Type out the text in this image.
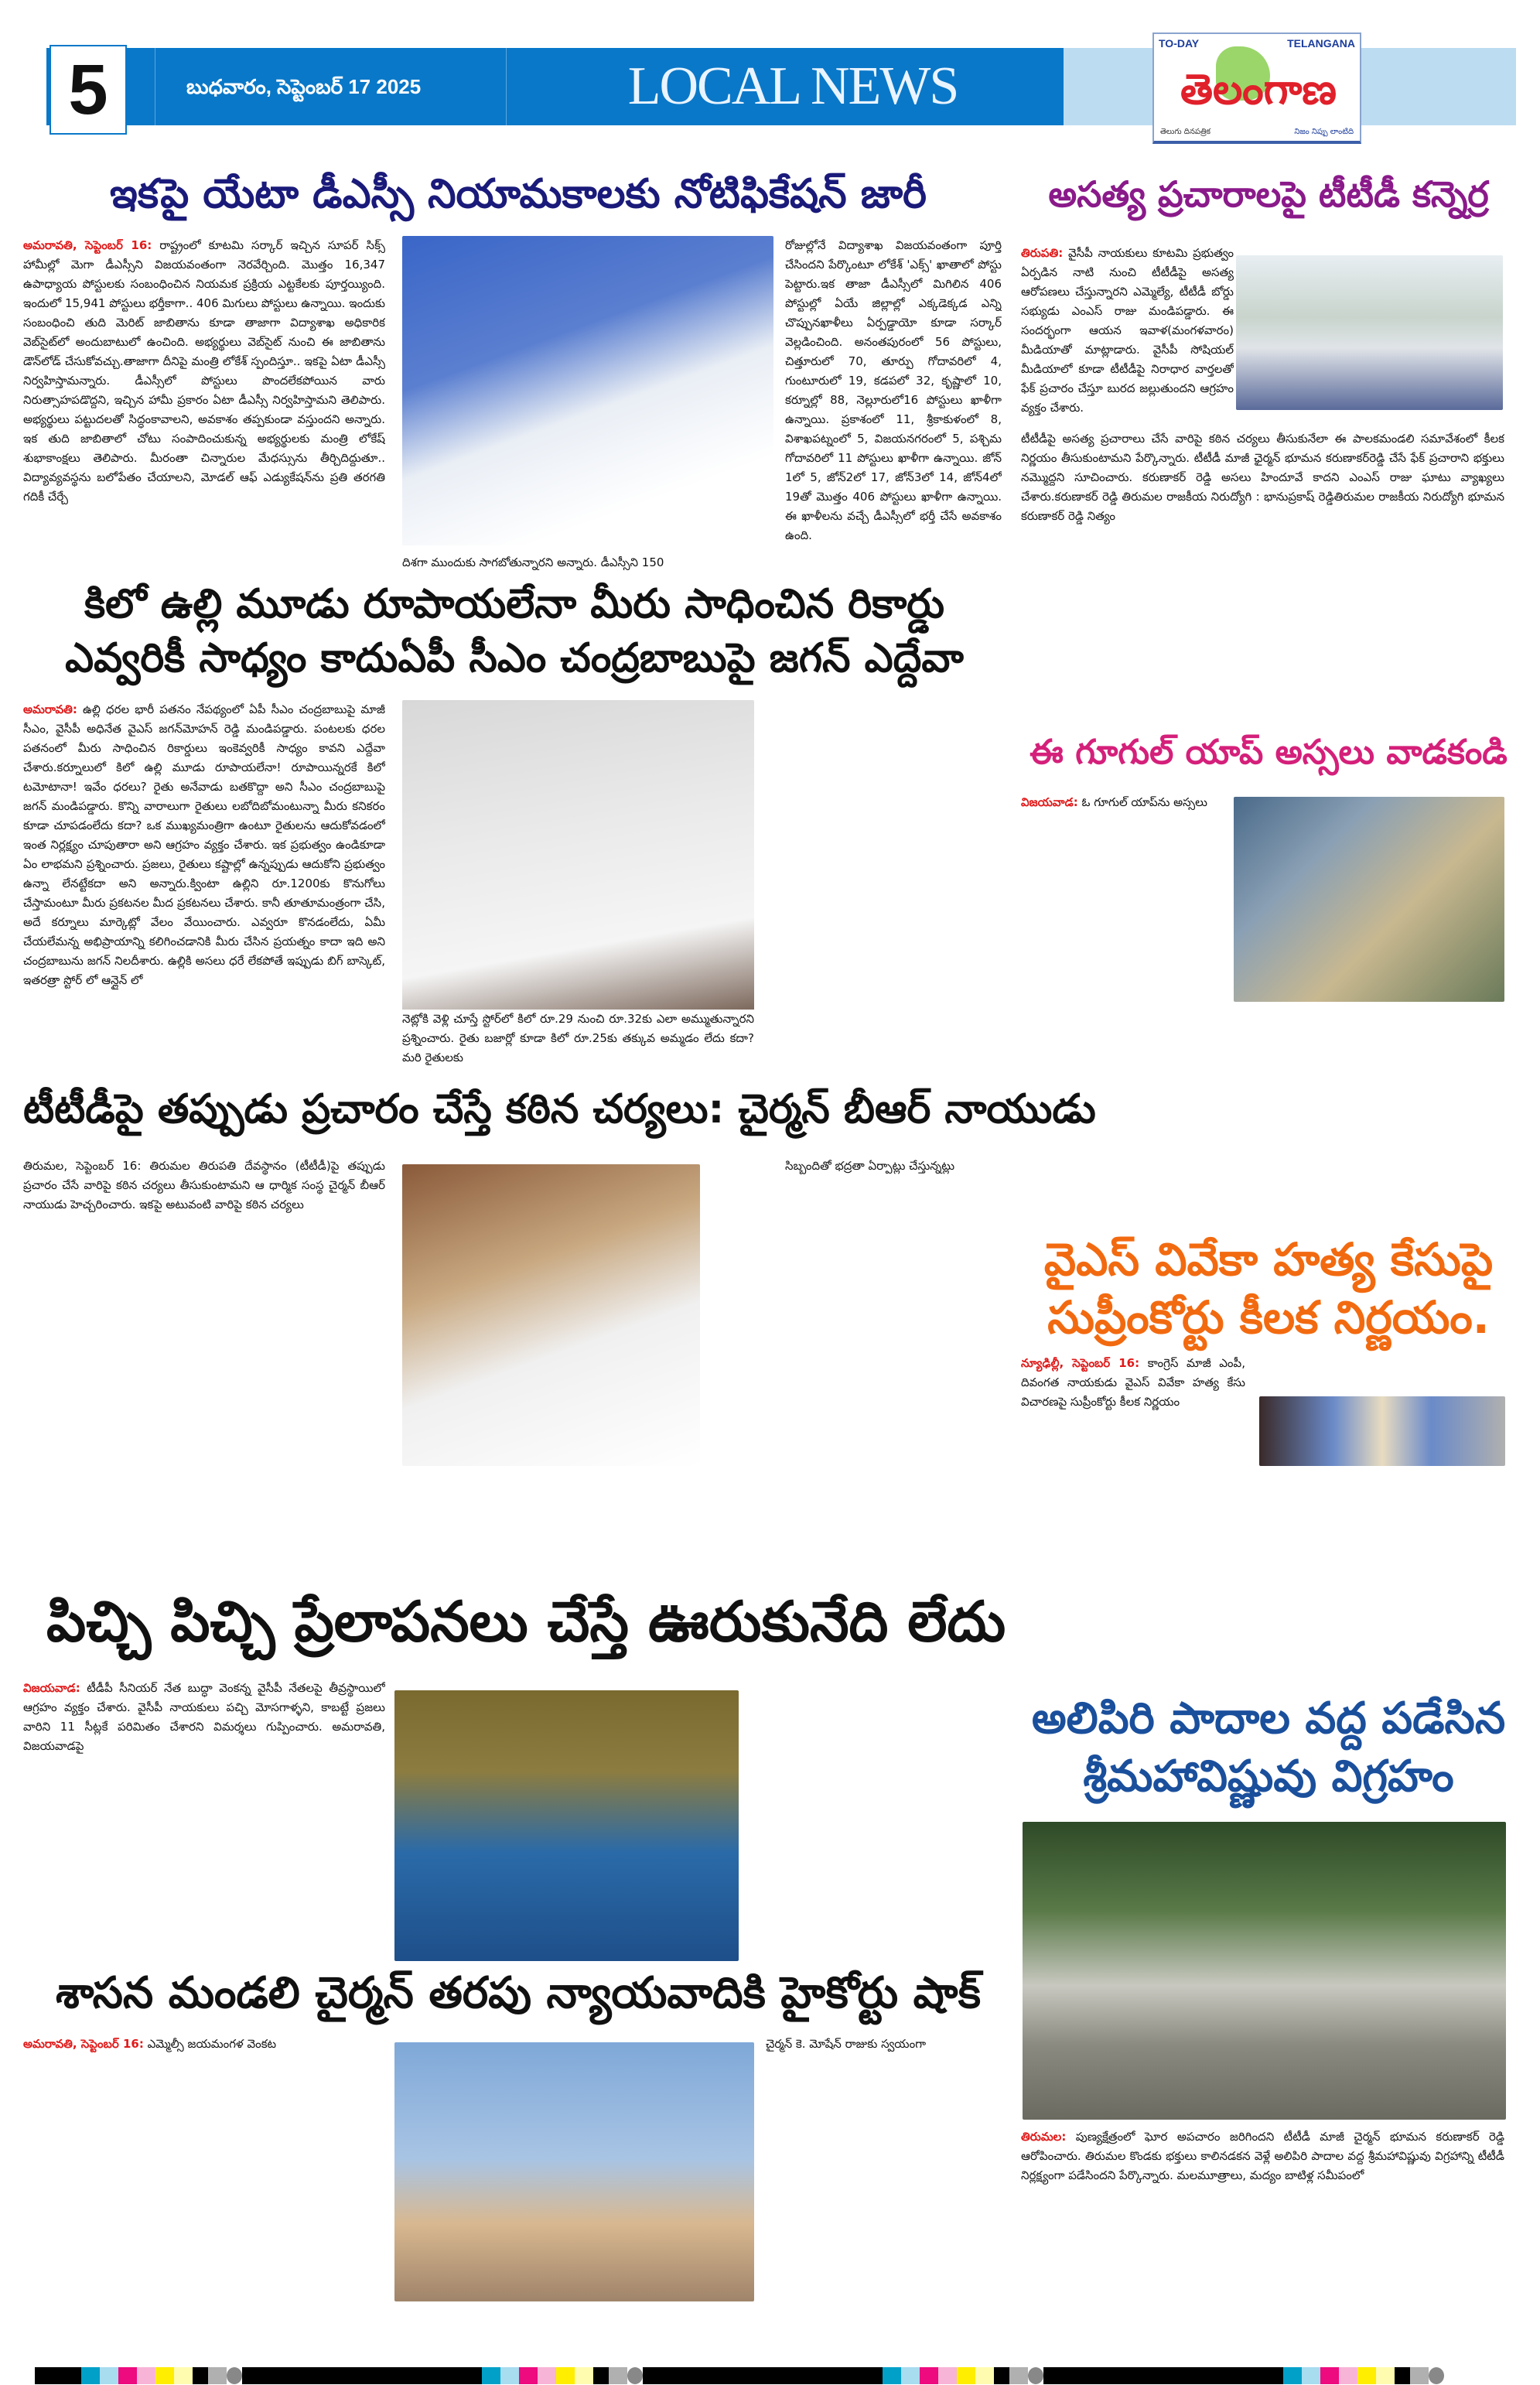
5	బుధవారం, సెప్టెంబర్ 17 2025	LOCAL NEWS
TO-DAY	TELANGANA
తెలంగాణ
తెలుగు దినపత్రిక	నిజం నిప్పు లాంటిది
ఇకపై యేటా డీఎస్సీ నియామకాలకు నోటిఫికేషన్ జారీ
అమరావతి, సెప్టెంబర్ 16: రాష్ట్రంలో కూటమి సర్కార్ ఇచ్చిన సూపర్ సిక్స్ హామీల్లో మెగా డీఎస్సీని విజయవంతంగా నెరవేర్చింది. మొత్తం 16,347 ఉపాధ్యాయ పోస్టులకు సంబంధించిన నియమక ప్రక్రియ ఎట్టకేలకు పూర్తయ్యింది. ఇందులో 15,941 పోస్టులు భర్తీకాగా.. 406 మిగులు పోస్టులు ఉన్నాయి. ఇందుకు సంబంధించి తుది మెరిట్ జాబితాను కూడా తాజాగా విద్యాశాఖ అధికారిక వెబ్‌సైట్‌లో అందుబాటులో ఉంచింది. అభ్యర్థులు వెబ్‌సైట్ నుంచి ఈ జాబితాను డౌన్‌లోడ్ చేసుకోవచ్చు.తాజాగా దీనిపై మంత్రి లోకేశ్ స్పందిస్తూ.. ఇకపై ఏటా డీఎస్సీ నిర్వహిస్తామన్నారు. డీఎస్సీలో పోస్టులు పొందలేకపోయిన వారు నిరుత్సాహపడొద్దని, ఇచ్చిన హామీ ప్రకారం ఏటా డీఎస్సీ నిర్వహిస్తామని తెలిపారు. అభ్యర్థులు పట్టుదలతో సిద్ధంకావాలని, అవకాశం తప్పకుండా వస్తుందని అన్నారు. ఇక తుది జాబితాలో చోటు సంపాదించుకున్న అభ్యర్థులకు మంత్రి లోకేష్ శుభాకాంక్షలు తెలిపారు. మీరంతా చిన్నారుల మేధస్సును తీర్చిదిద్దుతూ.. విద్యావ్యవస్థను బలోపేతం చేయాలని, మోడల్ ఆఫ్ ఎడ్యుకేషన్‌ను ప్రతి తరగతి గదికీ చేర్చే
దిశగా ముందుకు సాగబోతున్నారని అన్నారు. డీఎస్సీని 150
రోజుల్లోనే విద్యాశాఖ విజయవంతంగా పూర్తి చేసిందని పేర్కొంటూ లోకేశ్ 'ఎక్స్' ఖాతాలో పోస్టు పెట్టారు.ఇక తాజా డీఎస్సీలో మిగిలిన 406 పోస్టుల్లో ఏయే జిల్లాల్లో ఎక్కడెక్కడ ఎన్ని చొప్పునఖాళీలు ఏర్పడ్డాయో కూడా సర్కార్ వెల్లడించింది. అనంతపురంలో 56 పోస్టులు, చిత్తూరులో 70, తూర్పు గోదావరిలో 4, గుంటూరులో 19, కడపలో 32, కృష్ణాలో 10, కర్నూల్లో 88, నెల్లూరులో16 పోస్టులు ఖాళీగా ఉన్నాయి. ప్రకాశంలో 11, శ్రీకాకుళంలో 8, విశాఖపట్నంలో 5, విజయనగరంలో 5, పశ్చిమ గోదావరిలో 11 పోస్టులు ఖాళీగా ఉన్నాయి. జోన్ 1లో 5, జోన్2లో 17, జోన్3లో 14, జోన్4లో 19తో మొత్తం 406 పోస్టులు ఖాళీగా ఉన్నాయి. ఈ ఖాళీలను వచ్చే డీఎస్సీలో భర్తీ చేసే అవకాశం ఉంది.
కిలో ఉల్లి మూడు రూపాయలేనా మీరు సాధించిన రికార్డు
ఎవ్వరికీ సాధ్యం కాదుఏపీ సీఎం చంద్రబాబుపై జగన్ ఎద్దేవా
అమరావతి: ఉల్లి ధరల భారీ పతనం నేపథ్యంలో ఏపీ సీఎం చంద్రబాబుపై మాజీ సీఎం, వైసీపీ అధినేత వైఎస్ జగన్‌మోహన్ రెడ్డి మండిపడ్డారు. పంటలకు ధరల పతనంలో మీరు సాధించిన రికార్డులు ఇంకెవ్వరికీ సాధ్యం కావని ఎద్దేవా చేశారు.కర్నూలులో కిలో ఉల్లి మూడు రూపాయలేనా! రూపాయిన్నరకే కిలో టమోటానా! ఇవేం ధరలు? రైతు అనేవాడు బతకొద్దా అని సీఎం చంద్రబాబుపై జగన్ మండిపడ్డారు. కొన్ని వారాలుగా రైతులు లబోదిబోమంటున్నా మీరు కనికరం కూడా చూపడంలేదు కదా? ఒక ముఖ్యమంత్రిగా ఉంటూ రైతులను ఆదుకోవడంలో ఇంత నిర్లక్ష్యం చూపుతారా అని ఆగ్రహం వ్యక్తం చేశారు. ఇక ప్రభుత్వం ఉండికూడా ఏం లాభమని ప్రశ్నించారు. ప్రజలు, రైతులు కష్టాల్లో ఉన్నప్పుడు ఆదుకోని ప్రభుత్వం ఉన్నా లేనట్టేకదా అని అన్నారు.క్వింటా ఉల్లిని రూ.1200కు కొనుగోలు చేస్తామంటూ మీరు ప్రకటనల మీద ప్రకటనలు చేశారు. కానీ తూతూమంత్రంగా చేసి, అదే కర్నూలు మార్కెట్లో వేలం వేయించారు. ఎవ్వరూ కొనడంలేదు, ఏమీ చేయలేమన్న అభిప్రాయాన్ని కలిగించడానికి మీరు చేసిన ప్రయత్నం కాదా ఇది అని చంద్రబాబును జగన్ నిలదీశారు. ఉల్లికి అసలు ధరే లేకపోతే ఇప్పుడు బిగ్ బాస్కెట్, ఇతరత్రా స్టోర్ లో ఆన్లైన్ లో
నెట్లోకి వెళ్లి చూస్తే స్టోర్‌లో కిలో రూ.29 నుంచి రూ.32కు ఎలా అమ్ముతున్నారని ప్రశ్నించారు. రైతు బజార్లో కూడా కిలో రూ.25కు తక్కువ అమ్మడం లేదు కదా? మరి రైతులకు
టీటీడీపై తప్పుడు ప్రచారం చేస్తే కఠిన చర్యలు: చైర్మన్ బీఆర్ నాయుడు
తిరుమల, సెప్టెంబర్ 16: తిరుమల తిరుపతి దేవస్థానం (టీటీడీ)పై తప్పుడు ప్రచారం చేసే వారిపై కఠిన చర్యలు తీసుకుంటామని ఆ ధార్మిక సంస్థ చైర్మన్ బీఆర్ నాయుడు హెచ్చరించారు. ఇకపై అటువంటి వారిపై కఠిన చర్యలు
సిబ్బందితో భద్రతా ఏర్పాట్లు చేస్తున్నట్లు
పిచ్చి పిచ్చి ప్రేలాపనలు చేస్తే ఊరుకునేది లేదు
విజయవాడ: టీడీపీ సీనియర్ నేత బుద్ధా వెంకన్న వైసీపీ నేతలపై తీవ్రస్థాయిలో ఆగ్రహం వ్యక్తం చేశారు. వైసీపీ నాయకులు పచ్చి మోసగాళ్ళని, కాబట్టే ప్రజలు వారిని 11 సీట్లకే పరిమితం చేశారని విమర్శలు గుప్పించారు. అమరావతి, విజయవాడపై
శాసన మండలి చైర్మన్ తరపు న్యాయవాదికి హైకోర్టు షాక్
అమరావతి, సెప్టెంబర్ 16: ఎమ్మెల్సీ జయమంగళ వెంకట	చైర్మన్ కె. మోషేన్ రాజుకు స్వయంగా
అసత్య ప్రచారాలపై టీటీడీ కన్నెర్ర
తిరుపతి: వైసీపీ నాయకులు కూటమి ప్రభుత్వం ఏర్పడిన నాటి నుంచి టీటీడీపై అసత్య ఆరోపణలు చేస్తున్నారని ఎమ్మెల్యే, టీటీడీ బోర్డు సభ్యుడు ఎంఎస్ రాజు మండిపడ్డారు. ఈ సందర్భంగా ఆయన ఇవాళ(మంగళవారం) మీడియాతో మాట్లాడారు. వైసీపీ సోషియల్ మీడియాలో కూడా టీటీడీపై నిరాధార వార్తలతో ఫేక్ ప్రచారం చేస్తూ బురద జల్లుతుందని ఆగ్రహం వ్యక్తం చేశారు.
టీటీడీపై అసత్య ప్రచారాలు చేసే వారిపై కఠిన చర్యలు తీసుకునేలా ఈ పాలకమండలి సమావేశంలో కీలక నిర్ణయం తీసుకుంటామని పేర్కొన్నారు. టీటీడీ మాజీ ఛైర్మన్ భూమన కరుణాకర్‌రెడ్డి చేసే ఫేక్ ప్రచారాని భక్తులు నమ్మొద్దని సూచించారు. కరుణాకర్ రెడ్డి అసలు హిందూవే కాదని ఎంఎస్ రాజు ఘాటు వ్యాఖ్యలు చేశారు.కరుణాకర్ రెడ్డి తిరుమల రాజకీయ నిరుద్యోగి : భానుప్రకాష్ రెడ్డితిరుమల రాజకీయ నిరుద్యోగి భూమన కరుణాకర్ రెడ్డి నిత్యం
ఈ గూగుల్ యాప్ అస్సలు వాడకండి
విజయవాడ: ఓ గూగుల్ యాప్‌ను అస్సలు
వైఎస్ వివేకా హత్య కేసుపై
సుప్రీంకోర్టు కీలక నిర్ణయం.
న్యూఢిల్లీ, సెప్టెంబర్ 16: కాంగ్రెస్ మాజీ ఎంపీ, దివంగత నాయకుడు వైఎస్ వివేకా హత్య కేసు విచారణపై సుప్రీంకోర్టు కీలక నిర్ణయం
అలిపిరి పాదాల వద్ద పడేసిన
శ్రీమహావిష్ణువు విగ్రహం
తిరుమల: పుణ్యక్షేత్రంలో ఘోర అపచారం జరిగిందని టీటీడీ మాజీ చైర్మన్ భూమన కరుణాకర్ రెడ్డి ఆరోపించారు. తిరుమల కొండకు భక్తులు కాలినడకన వెళ్లే అలిపిరి పాదాల వద్ద శ్రీమహావిష్ణువు విగ్రహాన్ని టీటీడీ నిర్లక్ష్యంగా పడేసిందని పేర్కొన్నారు. మలమూత్రాలు, మద్యం బాటిళ్ల సమీపంలో
